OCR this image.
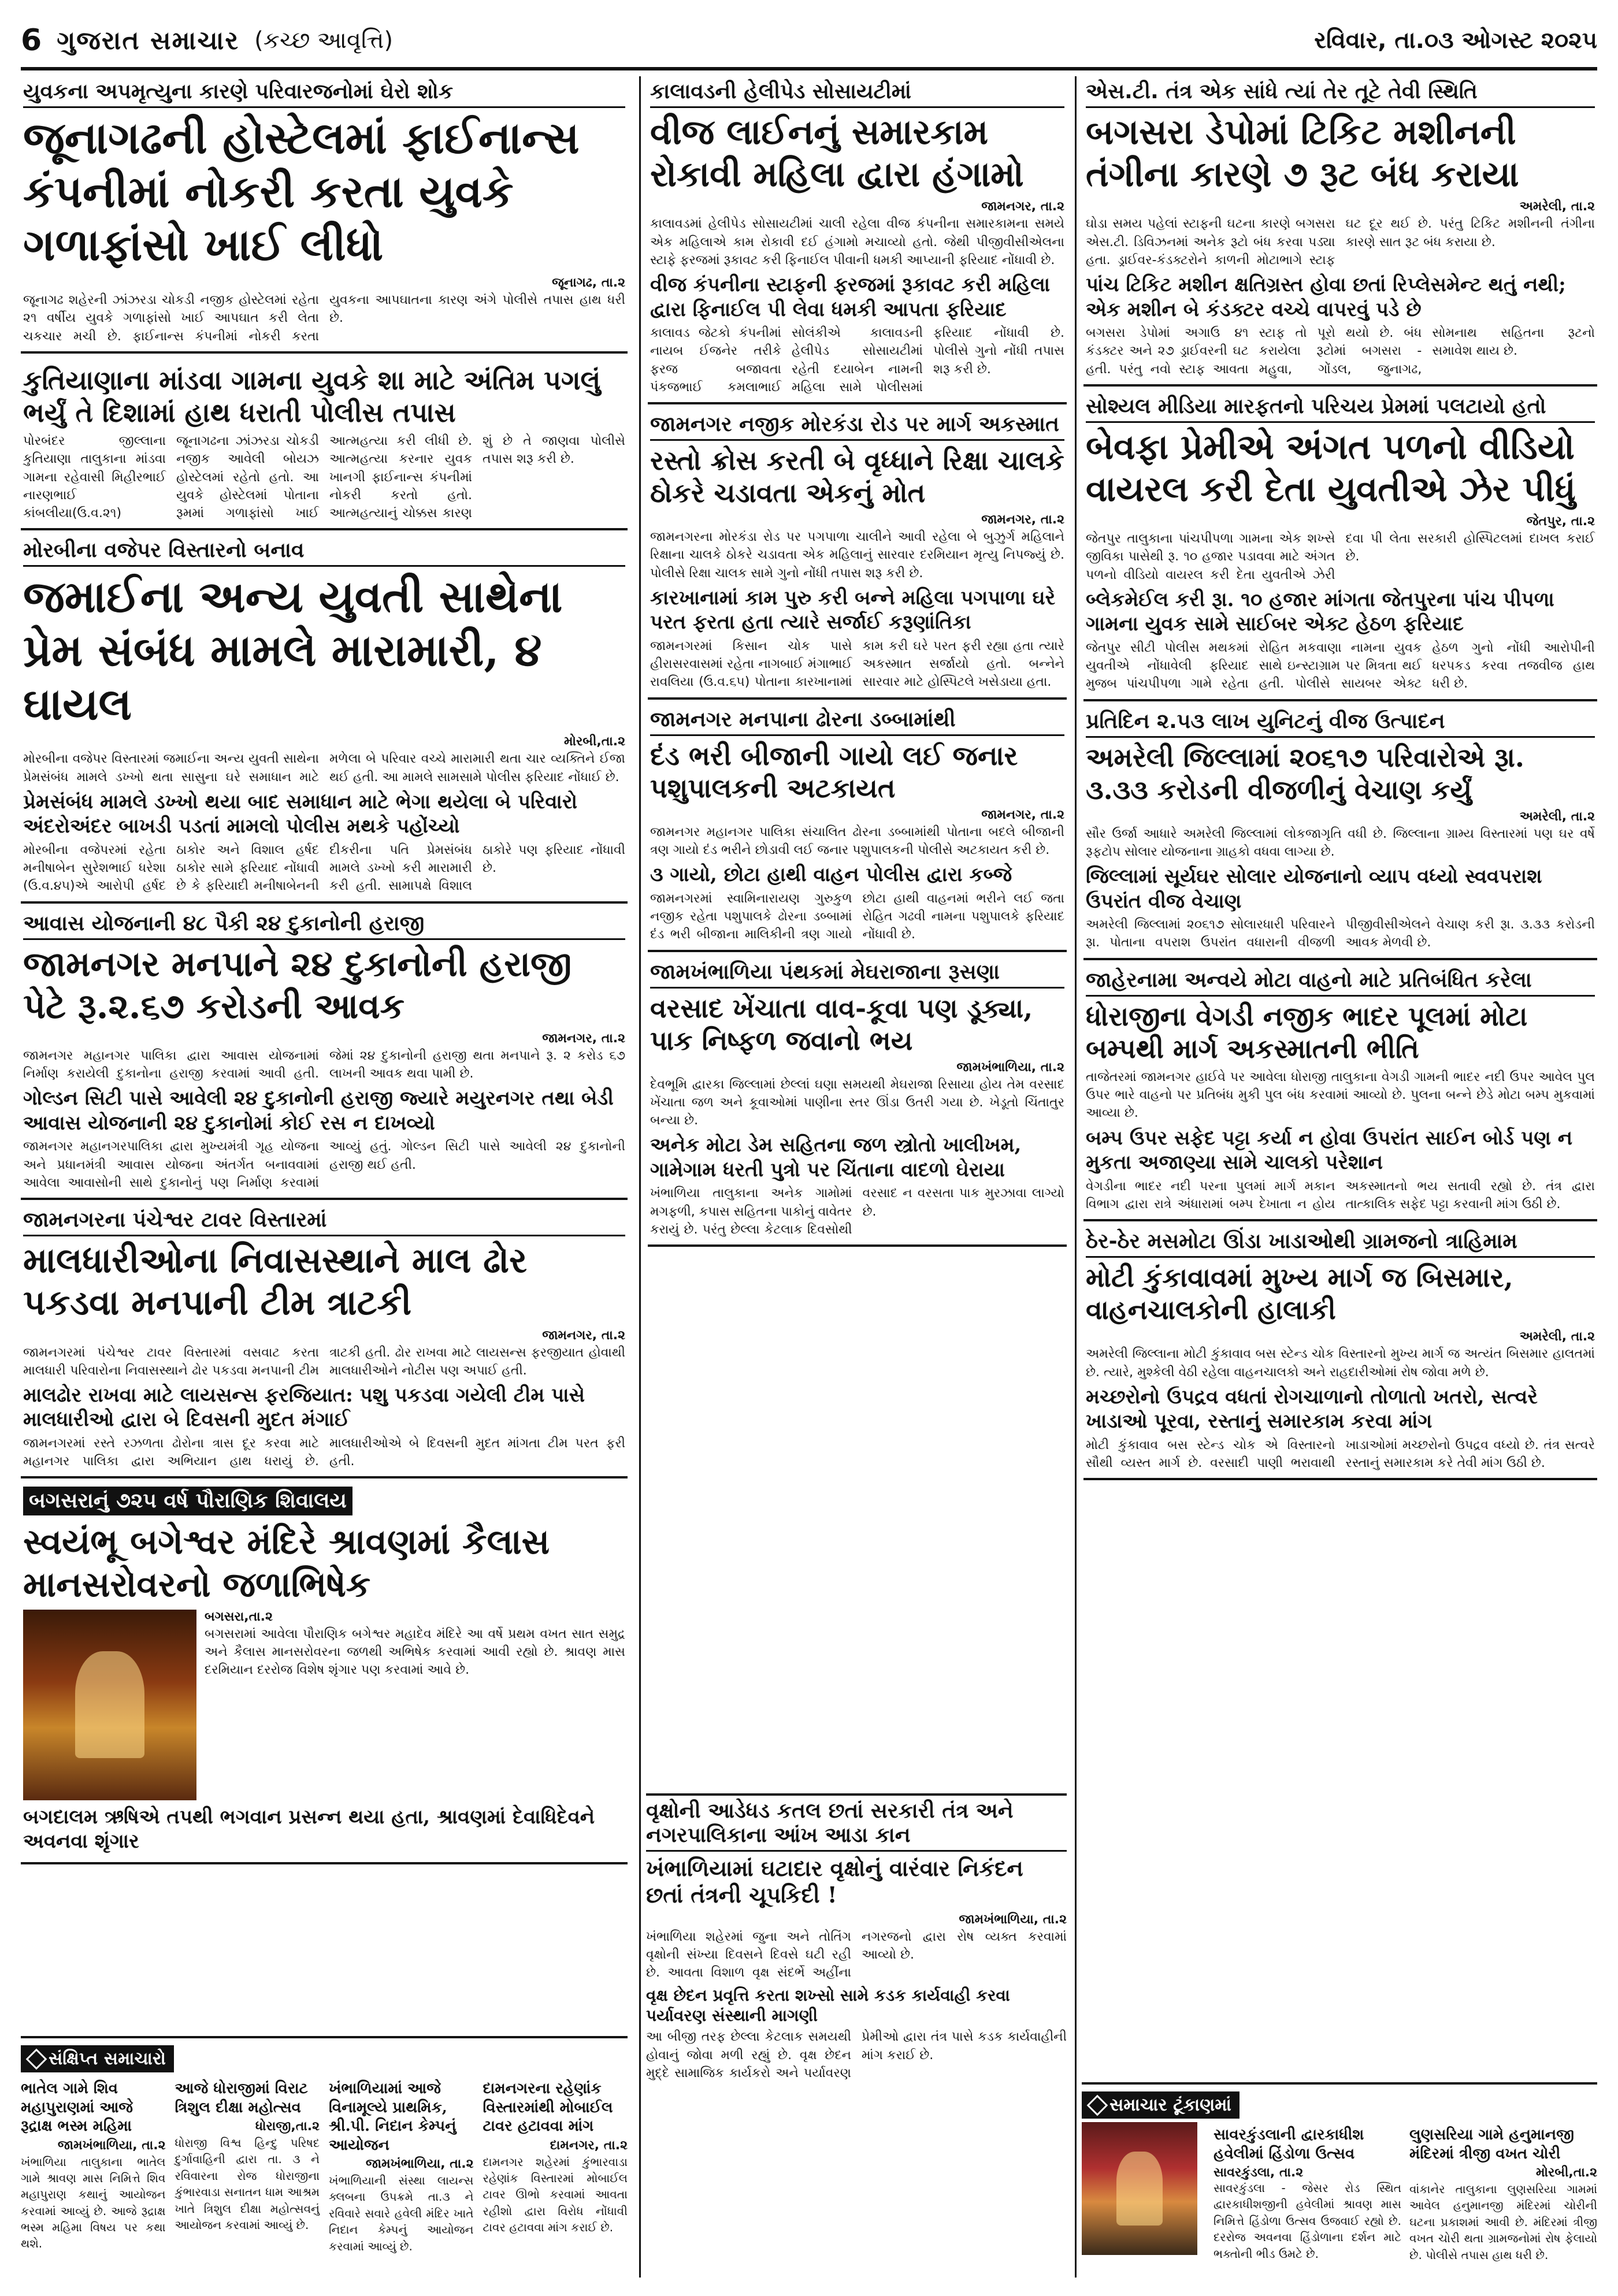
6 ગુજરાત સમાચાર (કચ્છ આવૃત્તિ)	રવિવાર, તા.૦૩ ઓગસ્ટ ૨૦૨૫
યુવકના અપમૃત્યુના કારણે પરિવારજનોમાં ઘેરો શોક
જૂનાગઢની હોસ્ટેલમાં ફાઈનાન્સ કંપનીમાં નોકરી કરતા યુવકે ગળાફાંસો ખાઈ લીધો
જૂનાગઢ, તા.૨
જૂનાગઢ શહેરની ઝાંઝરડા ચોકડી નજીક હોસ્ટેલમાં રહેતા ૨૧ વર્ષીય યુવકે ગળાફાંસો ખાઈ આપઘાત કરી લેતા ચકચાર મચી છે. ફાઈનાન્સ કંપનીમાં નોકરી કરતા યુવકના આપઘાતના કારણ અંગે પોલીસે તપાસ હાથ ધરી છે.
કુતિયાણાના માંડવા ગામના યુવકે શા માટે અંતિમ પગલું ભર્યું તે દિશામાં હાથ ધરાતી પોલીસ તપાસ
પોરબંદર જીલ્લાના કુતિયાણા તાલુકાના માંડવા ગામના રહેવાસી મિહીરભાઈ નારણભાઈ કાંબલીયા(ઉ.વ.૨૧) જૂનાગઢના ઝાંઝરડા ચોકડી નજીક આવેલી બોયઝ હોસ્ટેલમાં રહેતો હતો. આ યુવકે હોસ્ટેલમાં પોતાના રૂમમાં ગળાફાંસો ખાઈ આત્મહત્યા કરી લીધી છે. આત્મહત્યા કરનાર યુવક ખાનગી ફાઈનાન્સ કંપનીમાં નોકરી કરતો હતો. આત્મહત્યાનું ચોક્કસ કારણ શું છે તે જાણવા પોલીસે તપાસ શરૂ કરી છે.
મોરબીના વજેપર વિસ્તારનો બનાવ
જમાઈના અન્ય યુવતી સાથેના પ્રેમ સંબંધ મામલે મારામારી, ૪ ઘાયલ
મોરબી,તા.૨
મોરબીના વજેપર વિસ્તારમાં જમાઈના અન્ય યુવતી સાથેના પ્રેમસંબંધ મામલે ડખ્ખો થતા સાસુના ઘરે સમાધાન માટે મળેલા બે પરિવાર વચ્ચે મારામારી થતા ચાર વ્યક્તિને ઈજા થઈ હતી. આ મામલે સામસામે પોલીસ ફરિયાદ નોંધાઈ છે.
પ્રેમસંબંધ મામલે ડખ્ખો થયા બાદ સમાધાન માટે ભેગા થયેલા બે પરિવારો અંદરોઅંદર બાખડી પડતાં મામલો પોલીસ મથકે પહોંચ્યો
મોરબીના વજેપરમાં રહેતા મનીષાબેન સુરેશભાઈ ધરેશા (ઉ.વ.૪૫)એ આરોપી હર્ષદ ઠાકોર અને વિશાલ હર્ષદ ઠાકોર સામે ફરિયાદ નોંધાવી છે કે ફરિયાદી મનીષાબેનની દીકરીના પતિ પ્રેમસંબંધ મામલે ડખ્ખો કરી મારામારી કરી હતી. સામાપક્ષે વિશાલ ઠાકોરે પણ ફરિયાદ નોંધાવી છે.
આવાસ યોજનાની ૪૮ પૈકી ૨૪ દુકાનોની હરાજી
જામનગર મનપાને ૨૪ દુકાનોની હરાજી પેટે રૂ.૨.૬૭ કરોડની આવક
જામનગર, તા.૨
જામનગર મહાનગર પાલિકા દ્વારા આવાસ યોજનામાં નિર્માણ કરાયેલી દુકાનોના હરાજી કરવામાં આવી હતી. જેમાં ૨૪ દુકાનોની હરાજી થતા મનપાને રૂ. ૨ કરોડ ૬૭ લાખની આવક થવા પામી છે.
ગોલ્ડન સિટી પાસે આવેલી ૨૪ દુકાનોની હરાજી જ્યારે મયુરનગર તથા બેડી આવાસ યોજનાની ૨૪ દુકાનોમાં કોઈ રસ ન દાખવ્યો
જામનગર મહાનગરપાલિકા દ્વારા મુખ્યમંત્રી ગૃહ યોજના અને પ્રધાનમંત્રી આવાસ યોજના અંતર્ગત બનાવવામાં આવેલા આવાસોની સાથે દુકાનોનું પણ નિર્માણ કરવામાં આવ્યું હતું. ગોલ્ડન સિટી પાસે આવેલી ૨૪ દુકાનોની હરાજી થઈ હતી.
જામનગરના પંચેશ્વર ટાવર વિસ્તારમાં
માલધારીઓના નિવાસસ્થાને માલ ઢોર પકડવા મનપાની ટીમ ત્રાટકી
જામનગર, તા.૨
જામનગરમાં પંચેશ્વર ટાવર વિસ્તારમાં વસવાટ કરતા માલધારી પરિવારોના નિવાસસ્થાને ઢોર પકડવા મનપાની ટીમ ત્રાટકી હતી. ઢોર રાખવા માટે લાયસન્સ ફરજીયાત હોવાથી માલધારીઓને નોટીસ પણ અપાઈ હતી.
માલઢોર રાખવા માટે લાયસન્સ ફરજિયાત: પશુ પકડવા ગયેલી ટીમ પાસે માલધારીઓ દ્વારા બે દિવસની મુદત મંગાઈ
જામનગરમાં રસ્તે રઝળતા ઢોરોના ત્રાસ દૂર કરવા માટે મહાનગર પાલિકા દ્વારા અભિયાન હાથ ધરાયું છે. માલધારીઓએ બે દિવસની મુદત માંગતા ટીમ પરત ફરી હતી.
બગસરાનું ૭૨૫ વર્ષ પૌરાણિક શિવાલય
સ્વયંભૂ બગેશ્વર મંદિરે શ્રાવણમાં કૈલાસ માનસરોવરનો જળાભિષેક
બગસરા,તા.૨
બગસરામાં આવેલા પૌરાણિક બગેશ્વર મહાદેવ મંદિરે આ વર્ષે પ્રથમ વખત સાત સમુદ્ર અને કૈલાસ માનસરોવરના જળથી અભિષેક કરવામાં આવી રહ્યો છે. શ્રાવણ માસ દરમિયાન દરરોજ વિશેષ શૃંગાર પણ કરવામાં આવે છે.
બગદાલમ ઋષિએ તપથી ભગવાન પ્રસન્ન થયા હતા, શ્રાવણમાં દેવાધિદેવને અવનવા શૃંગાર
કાલાવડની હેલીપેડ સોસાયટીમાં
વીજ લાઈનનું સમારકામ રોકાવી મહિલા દ્વારા હંગામો
જામનગર, તા.૨
કાલાવડમાં હેલીપેડ સોસાયટીમાં ચાલી રહેલા વીજ કંપનીના સમારકામના સમયે એક મહિલાએ કામ રોકાવી દઈ હંગામો મચાવ્યો હતો. જેથી પીજીવીસીએલના સ્ટાફે ફરજમાં રૂકાવટ કરી ફિનાઈલ પીવાની ધમકી આપ્યાની ફરિયાદ નોંધાવી છે.
વીજ કંપનીના સ્ટાફની ફરજમાં રૂકાવટ કરી મહિલા દ્વારા ફિનાઈલ પી લેવા ધમકી આપતા ફરિયાદ
કાલાવડ જેટકો કંપનીમાં નાયબ ઈજનેર તરીકે ફરજ બજાવતા પંકજભાઈ કમલાભાઈ સોલંકીએ કાલાવડની હેલીપેડ સોસાયટીમાં રહેતી દયાબેન નામની મહિલા સામે પોલીસમાં ફરિયાદ નોંધાવી છે. પોલીસે ગુનો નોંધી તપાસ શરૂ કરી છે.
જામનગર નજીક મોરકંડા રોડ પર માર્ગ અકસ્માત
રસ્તો ક્રોસ કરતી બે વૃધ્ધાને રિક્ષા ચાલકે ઠોકરે ચડાવતા એકનું મોત
જામનગર, તા.૨
જામનગરના મોરકંડા રોડ પર પગપાળા ચાલીને આવી રહેલા બે બુઝુર્ગ મહિલાને રિક્ષાના ચાલકે ઠોકરે ચડાવતા એક મહિલાનું સારવાર દરમિયાન મૃત્યુ નિપજ્યું છે. પોલીસે રિક્ષા ચાલક સામે ગુનો નોંધી તપાસ શરૂ કરી છે.
કારખાનામાં કામ પુરુ કરી બન્ને મહિલા પગપાળા ઘરે પરત ફરતા હતા ત્યારે સર્જાઈ કરૂણાંતિકા
જામનગરમાં કિસાન ચોક પાસે હીરાસરવાસમાં રહેતા નાગબાઈ મંગાભાઈ રાવલિયા (ઉ.વ.૬૫) પોતાના કારખાનામાં કામ કરી ઘરે પરત ફરી રહ્યા હતા ત્યારે અકસ્માત સર્જાયો હતો. બન્નેને સારવાર માટે હોસ્પિટલે ખસેડાયા હતા.
જામનગર મનપાના ઢોરના ડબ્બામાંથી
દંડ ભરી બીજાની ગાયો લઈ જનાર પશુપાલકની અટકાયત
જામનગર, તા.૨
જામનગર મહાનગર પાલિકા સંચાલિત ઢોરના ડબ્બામાંથી પોતાના બદલે બીજાની ત્રણ ગાયો દંડ ભરીને છોડાવી લઈ જનાર પશુપાલકની પોલીસે અટકાયત કરી છે.
૩ ગાયો, છોટા હાથી વાહન પોલીસ દ્વારા કબ્જે
જામનગરમાં સ્વામિનારાયણ ગુરુકુળ નજીક રહેતા પશુપાલકે ઢોરના ડબ્બામાં દંડ ભરી બીજાના માલિકીની ત્રણ ગાયો છોટા હાથી વાહનમાં ભરીને લઈ જતા રોહિત ગઢવી નામના પશુપાલકે ફરિયાદ નોંધાવી છે.
જામખંભાળિયા પંથકમાં મેઘરાજાના રૂસણા
વરસાદ ખેંચાતા વાવ-કૂવા પણ ડૂક્યા, પાક નિષ્ફળ જવાનો ભય
જામખંભાળિયા, તા.૨
દેવભૂમિ દ્વારકા જિલ્લામાં છેલ્લાં ઘણા સમયથી મેઘરાજા રિસાયા હોય તેમ વરસાદ ખેંચાતા જળ અને કૂવાઓમાં પાણીના સ્તર ઊંડા ઉતરી ગયા છે. ખેડૂતો ચિંતાતુર બન્યા છે.
અનેક મોટા ડેમ સહિતના જળ સ્ત્રોતો ખાલીખમ, ગામેગામ ધરતી પુત્રો પર ચિંતાના વાદળો ઘેરાયા
ખંભાળિયા તાલુકાના અનેક ગામોમાં મગફળી, કપાસ સહિતના પાકોનું વાવેતર કરાયું છે. પરંતુ છેલ્લા કેટલાક દિવસોથી વરસાદ ન વરસતા પાક મુરઝાવા લાગ્યો છે.
એસ.ટી. તંત્ર એક સાંધે ત્યાં તેર તૂટે તેવી સ્થિતિ
બગસરા ડેપોમાં ટિકિટ મશીનની તંગીના કારણે ૭ રૂટ બંધ કરાયા
અમરેલી, તા.૨
ઘોડા સમય પહેલાં સ્ટાફની ઘટના કારણે બગસરા એસ.ટી. ડિવિઝનમાં અનેક રૂટો બંધ કરવા પડ્યા હતા. ડ્રાઈવર-કંડક્ટરોને કાળની મોટાભાગે સ્ટાફ ઘટ દૂર થઈ છે. પરંતુ ટિકિટ મશીનની તંગીના કારણે સાત રૂટ બંધ કરાયા છે.
પાંચ ટિકિટ મશીન ક્ષતિગ્રસ્ત હોવા છતાં રિપ્લેસમેન્ટ થતું નથી; એક મશીન બે કંડક્ટર વચ્ચે વાપરવું પડે છે
બગસરા ડેપોમાં અગાઉ ૪૧ કંડક્ટર અને ૨૭ ડ્રાઈવરની ઘટ હતી. પરંતુ નવો સ્ટાફ આવતા સ્ટાફ તો પૂરો થયો છે. બંધ કરાયેલા રૂટોમાં બગસરા - મહુવા, ગોંડલ, જુનાગઢ, સોમનાથ સહિતના રૂટનો સમાવેશ થાય છે.
સોશ્યલ મીડિયા મારફતનો પરિચય પ્રેમમાં પલટાયો હતો
બેવફા પ્રેમીએ અંગત પળનો વીડિયો વાયરલ કરી દેતા યુવતીએ ઝેર પીધું
જેતપુર, તા.૨
જેતપુર તાલુકાના પાંચપીપળા ગામના એક શખ્સે જીવિકા પાસેથી રૂ. ૧૦ હજાર પડાવવા માટે અંગત પળનો વીડિયો વાયરલ કરી દેતા યુવતીએ ઝેરી દવા પી લેતા સરકારી હોસ્પિટલમાં દાખલ કરાઈ છે.
બ્લેકમેઈલ કરી રૂા. ૧૦ હજાર માંગતા જેતપુરના પાંચ પીપળા ગામના યુવક સામે સાઈબર એક્ટ હેઠળ ફરિયાદ
જેતપુર સીટી પોલીસ મથકમાં યુવતીએ નોંધાવેલી ફરિયાદ મુજબ પાંચપીપળા ગામે રહેતા રોહિત મકવાણા નામના યુવક સાથે ઇન્સ્ટાગ્રામ પર મિત્રતા થઈ હતી. પોલીસે સાયબર એક્ટ હેઠળ ગુનો નોંધી આરોપીની ધરપકડ કરવા તજવીજ હાથ ધરી છે.
પ્રતિદિન ૨.૫૩ લાખ યુનિટનું વીજ ઉત્પાદન
અમરેલી જિલ્લામાં ૨૦૬૧૭ પરિવારોએ રૂા. ૩.૩૩ કરોડની વીજળીનું વેચાણ કર્યું
અમરેલી, તા.૨
સૌર ઉર્જા આધારે અમરેલી જિલ્લામાં લોકજાગૃતિ વધી છે. જિલ્લાના ગ્રામ્ય વિસ્તારમાં પણ ઘર વર્ષે રૂફટોપ સોલાર યોજનાના ગ્રાહકો વધવા લાગ્યા છે.
જિલ્લામાં સૂર્યઘર સોલાર યોજનાનો વ્યાપ વધ્યો સ્વવપરાશ ઉપરાંત વીજ વેચાણ
અમરેલી જિલ્લામાં ૨૦૬૧૭ સોલારધારી પરિવારને રૂા. પોતાના વપરાશ ઉપરાંત વધારાની વીજળી પીજીવીસીએલને વેચાણ કરી રૂા. ૩.૩૩ કરોડની આવક મેળવી છે.
જાહેરનામા અન્વયે મોટા વાહનો માટે પ્રતિબંધિત કરેલા
ધોરાજીના વેગડી નજીક ભાદર પૂલમાં મોટા બમ્પથી માર્ગ અકસ્માતની ભીતિ
તાજેતરમાં જામનગર હાઈવે પર આવેલા ધોરાજી તાલુકાના વેગડી ગામની ભાદર નદી ઉપર આવેલ પુલ ઉપર ભારે વાહનો પર પ્રતિબંધ મુકી પુલ બંધ કરવામાં આવ્યો છે. પુલના બન્ને છેડે મોટા બમ્પ મુકવામાં આવ્યા છે.
બમ્પ ઉપર સફેદ પટ્ટા કર્યા ન હોવા ઉપરાંત સાઈન બોર્ડ પણ ન મુકતા અજાણ્યા સામે ચાલકો પરેશાન
વેગડીના ભાદર નદી પરના પુલમાં માર્ગ મકાન વિભાગ દ્વારા રાત્રે અંધારામાં બમ્પ દેખાતા ન હોય અકસ્માતનો ભય સતાવી રહ્યો છે. તંત્ર દ્વારા તાત્કાલિક સફેદ પટ્ટા કરવાની માંગ ઉઠી છે.
ઠેર-ઠેર મસમોટા ઊંડા ખાડાઓથી ગ્રામજનો ત્રાહિમામ
મોટી કુંકાવાવમાં મુખ્ય માર્ગ જ બિસમાર, વાહનચાલકોની હાલાકી
અમરેલી, તા.૨
અમરેલી જિલ્લાના મોટી કુંકાવાવ બસ સ્ટેન્ડ ચોક વિસ્તારનો મુખ્ય માર્ગ જ અત્યંત બિસમાર હાલતમાં છે. ત્યારે, મુશ્કેલી વેઠી રહેલા વાહનચાલકો અને રાહદારીઓમાં રોષ જોવા મળે છે.
મચ્છરોનો ઉપદ્રવ વધતાં રોગચાળાનો તોળાતો ખતરો, સત્વરે ખાડાઓ પૂરવા, રસ્તાનું સમારકામ કરવા માંગ
મોટી કુંકાવાવ બસ સ્ટેન્ડ ચોક એ વિસ્તારનો સૌથી વ્યસ્ત માર્ગ છે. વરસાદી પાણી ભરાવાથી ખાડાઓમાં મચ્છરોનો ઉપદ્રવ વધ્યો છે. તંત્ર સત્વરે રસ્તાનું સમારકામ કરે તેવી માંગ ઉઠી છે.
વૃક્ષોની આડેધડ કતલ છતાં સરકારી તંત્ર અને નગરપાલિકાના આંખ આડા કાન
ખંભાળિયામાં ઘટાદાર વૃક્ષોનું વારંવાર નિકંદન છતાં તંત્રની ચૂપકિદી !
જામખંભાળિયા, તા.૨
ખંભાળિયા શહેરમાં જુના અને તોતિંગ વૃક્ષોની સંખ્યા દિવસને દિવસે ઘટી રહી છે. આવતા વિશાળ વૃક્ષ સંદર્ભે અહીંના નગરજનો દ્વારા રોષ વ્યક્ત કરવામાં આવ્યો છે.
વૃક્ષ છેદન પ્રવૃત્તિ કરતા શખ્સો સામે કડક કાર્યવાહી કરવા પર્યાવરણ સંસ્થાની માગણી
આ બીજી તરફ છેલ્લા કેટલાક સમયથી હોવાનું જોવા મળી રહ્યું છે. વૃક્ષ છેદન મુદ્દે સામાજિક કાર્યકરો અને પર્યાવરણ પ્રેમીઓ દ્વારા તંત્ર પાસે કડક કાર્યવાહીની માંગ કરાઈ છે.
સંક્ષિપ્ત સમાચારો
ભાતેલ ગામે શિવ મહાપુરાણમાં આજે રૂદ્રાક્ષ ભસ્મ મહિમા
જામખંભાળિયા, તા.૨
ખંભાળિયા તાલુકાના ભાતેલ ગામે શ્રાવણ માસ નિમિત્તે શિવ મહાપુરાણ કથાનું આયોજન કરવામાં આવ્યું છે. આજે રૂદ્રાક્ષ ભસ્મ મહિમા વિષય પર કથા થશે.
આજે ધોરાજીમાં વિરાટ ત્રિશુલ દીક્ષા મહોત્સવ
ધોરાજી,તા.૨
ધોરાજી વિશ્વ હિન્દુ પરિષદ દુર્ગાવાહિની દ્વારા તા. ૩ ને રવિવારના રોજ ધોરાજીના કુંભારવાડા સનાતન ધામ આશ્રમ ખાતે ત્રિશુલ દીક્ષા મહોત્સવનું આયોજન કરવામાં આવ્યું છે.
ખંભાળિયામાં આજે વિનામૂલ્યે પ્રાથમિક, શ્રી.પી. નિદાન કેમ્પનું આયોજન
જામખંભાળિયા, તા.૨
ખંભાળિયાની સંસ્થા લાયન્સ ક્લબના ઉપક્રમે તા.૩ ને રવિવારે સવારે હવેલી મંદિર ખાતે નિદાન કેમ્પનું આયોજન કરવામાં આવ્યું છે.
દામનગરના રહેણાંક વિસ્તારમાંથી મોબાઈલ ટાવર હટાવવા માંગ
દામનગર, તા.૨
દામનગર શહેરમાં કુંભારવાડા રહેણાંક વિસ્તારમાં મોબાઈલ ટાવર ઊભો કરવામાં આવતા રહીશો દ્વારા વિરોધ નોંધાવી ટાવર હટાવવા માંગ કરાઈ છે.
સમાચાર ટૂંકાણમાં
સાવરકુંડલાની દ્વારકાધીશ હવેલીમાં હિંડોળા ઉત્સવ
સાવરકુંડલા, તા.૨
સાવરકુંડલા - જેસર રોડ સ્થિત દ્વારકાધીશજીની હવેલીમાં શ્રાવણ માસ નિમિત્તે હિંડોળા ઉત્સવ ઉજવાઈ રહ્યો છે. દરરોજ અવનવા હિંડોળાના દર્શન માટે ભક્તોની ભીડ ઉમટે છે.
લુણસરિયા ગામે હનુમાનજી મંદિરમાં ત્રીજી વખત ચોરી
મોરબી,તા.૨
વાંકાનેર તાલુકાના લુણસરિયા ગામમાં આવેલ હનુમાનજી મંદિરમાં ચોરીની ઘટના પ્રકાશમાં આવી છે. મંદિરમાં ત્રીજી વખત ચોરી થતા ગ્રામજનોમાં રોષ ફેલાયો છે. પોલીસે તપાસ હાથ ધરી છે.
